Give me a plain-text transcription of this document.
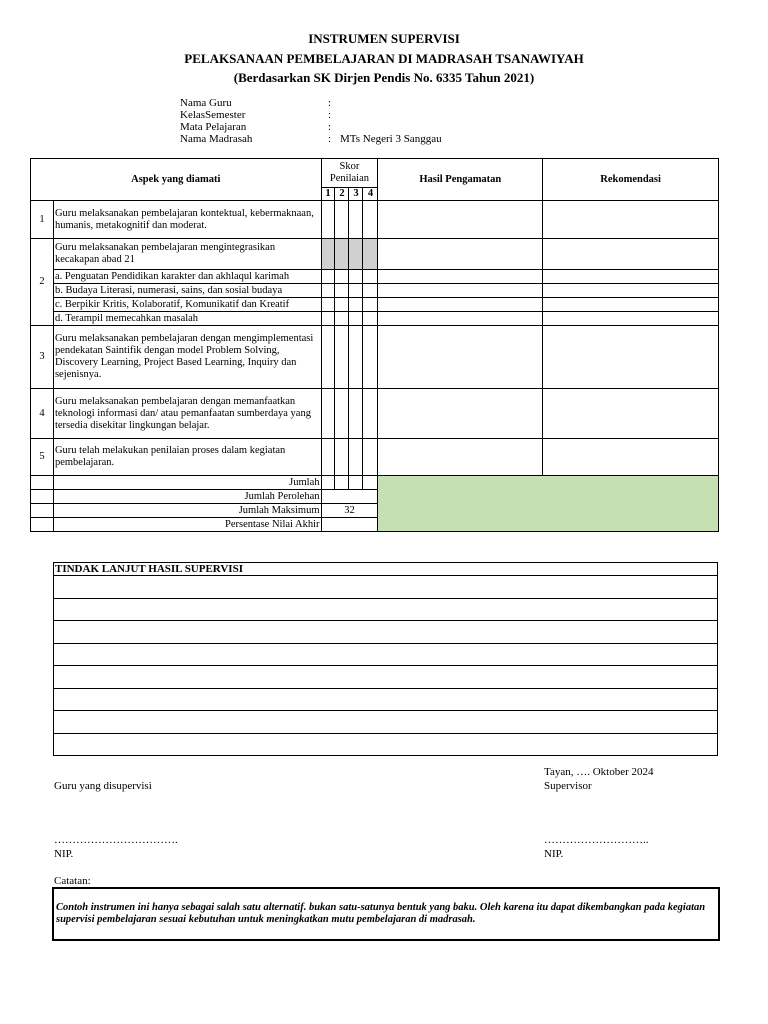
INSTRUMEN SUPERVISI
PELAKSANAAN PEMBELAJARAN DI MADRASAH TSANAWIYAH
(Berdasarkan SK Dirjen Pendis No. 6335 Tahun 2021)
Nama Guru	:
KelasSemester	:
Mata Pelajaran	:
Nama Madrasah	: MTs Negeri 3 Sanggau
Aspek yang diamati		Skor Penilaian				Hasil Pengamatan	Rekomendasi
		1	2	3	4		
1	Guru melaksanakan pembelajaran kontektual, kebermaknaan, humanis, metakognitif dan moderat.						
2	Guru melaksanakan pembelajaran mengintegrasikan kecakapan abad 21						
	a. Penguatan Pendidikan karakter dan akhlaqul karimah						
	b. Budaya Literasi, numerasi, sains, dan sosial budaya						
	c. Berpikir Kritis, Kolaboratif, Komunikatif dan Kreatif						
	d. Terampil memecahkan masalah						
3	Guru melaksanakan pembelajaran dengan mengimplementasi pendekatan Saintifik dengan model Problem Solving, Discovery Learning, Project Based Learning, Inquiry dan sejenisnya.						
4	Guru melaksanakan pembelajaran dengan memanfaatkan teknologi informasi dan/ atau pemanfaatan sumberdaya yang tersedia disekitar lingkungan belajar.						
5	Guru telah melakukan penilaian proses dalam kegiatan pembelajaran.						
	Jumlah						
	Jumlah Perolehan						
	Jumlah Maksimum	32					
	Persentase Nilai Akhir						
TINDAK LANJUT HASIL SUPERVISI
Tayan, …. Oktober 2024
Guru yang disupervisi	Supervisor
…………………………….	………………………..
NIP.	NIP.
Catatan:
Contoh instrumen ini hanya sebagai salah satu alternatif. bukan satu-satunya bentuk yang baku. Oleh karena itu dapat dikembangkan pada kegiatan supervisi pembelajaran sesuai kebutuhan untuk meningkatkan mutu pembelajaran di madrasah.
